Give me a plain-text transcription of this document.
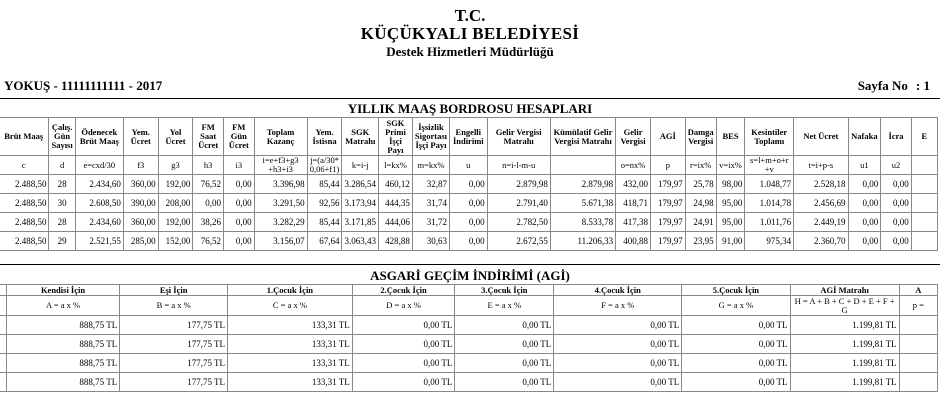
T.C.
KÜÇÜKYALI BELEDİYESİ
Destek Hizmetleri Müdürlüğü
YOKUŞ - 11111111111 - 2017	Sayfa No : 1
YILLIK MAAŞ BORDROSU HESAPLARI
Brüt Maaş	Çalış. Gün Sayısı	Ödenecek Brüt Maaş	Yem. Ücret	Yol Ücret	FM Saat Ücret	FM Gün Ücret	Toplam Kazanç	Yem. İstisna	SGK Matrahı	SGK Primi İşçi Payı	İşsizlik Sigortası İşçi Payı	Engelli İndirimi	Gelir Vergisi Matrahı	Kümülatif Gelir Vergisi Matrahı	Gelir Vergisi	AGİ	Damga Vergisi	BES	Kesintiler Toplamı	Net Ücret	Nafaka	İcra	E
c	d	e=cxd/30	f3	g3	h3	i3	i=e+f3+g3 +h3+i3	j=(a/30* 0,06+f1)	k=i-j	l=kx%	m=kx%	u	n=i-l-m-u		o=nx%	p	r=ix%	v=ix%	s=l+m+o+r +v	t=i+p-s	u1	u2	
2.488,50	28	2.434,60	360,00	192,00	76,52	0,00	3.396,98	85,44	3.286,54	460,12	32,87	0,00	2.879,98	2.879,98	432,00	179,97	25,78	98,00	1.048,77	2.528,18	0,00	0,00	
2.488,50	30	2.608,50	390,00	208,00	0,00	0,00	3.291,50	92,56	3.173,94	444,35	31,74	0,00	2.791,40	5.671,38	418,71	179,97	24,98	95,00	1.014,78	2.456,69	0,00	0,00	
2.488,50	28	2.434,60	360,00	192,00	38,26	0,00	3.282,29	85,44	3.171,85	444,06	31,72	0,00	2.782,50	8.533,78	417,38	179,97	24,91	95,00	1.011,76	2.449,19	0,00	0,00	
2.488,50	29	2.521,55	285,00	152,00	76,52	0,00	3.156,07	67,64	3.063,43	428,88	30,63	0,00	2.672,55	11.206,33	400,88	179,97	23,95	91,00	975,34	2.360,70	0,00	0,00	
ASGARİ GEÇİM İNDİRİMİ (AGİ)
	Kendisi İçin	Eşi İçin	1.Çocuk İçin	2.Çocuk İçin	3.Çocuk İçin	4.Çocuk İçin	5.Çocuk İçin	AGİ Matrahı	A
	A = a x %	B = a x %	C = a x %	D = a x %	E = a x %	F = a x %	G = a x %	H = A + B + C + D + E + F + G	p =
	888,75 TL	177,75 TL	133,31 TL	0,00 TL	0,00 TL	0,00 TL	0,00 TL	1.199,81 TL	
	888,75 TL	177,75 TL	133,31 TL	0,00 TL	0,00 TL	0,00 TL	0,00 TL	1.199,81 TL	
	888,75 TL	177,75 TL	133,31 TL	0,00 TL	0,00 TL	0,00 TL	0,00 TL	1.199,81 TL	
	888,75 TL	177,75 TL	133,31 TL	0,00 TL	0,00 TL	0,00 TL	0,00 TL	1.199,81 TL	
